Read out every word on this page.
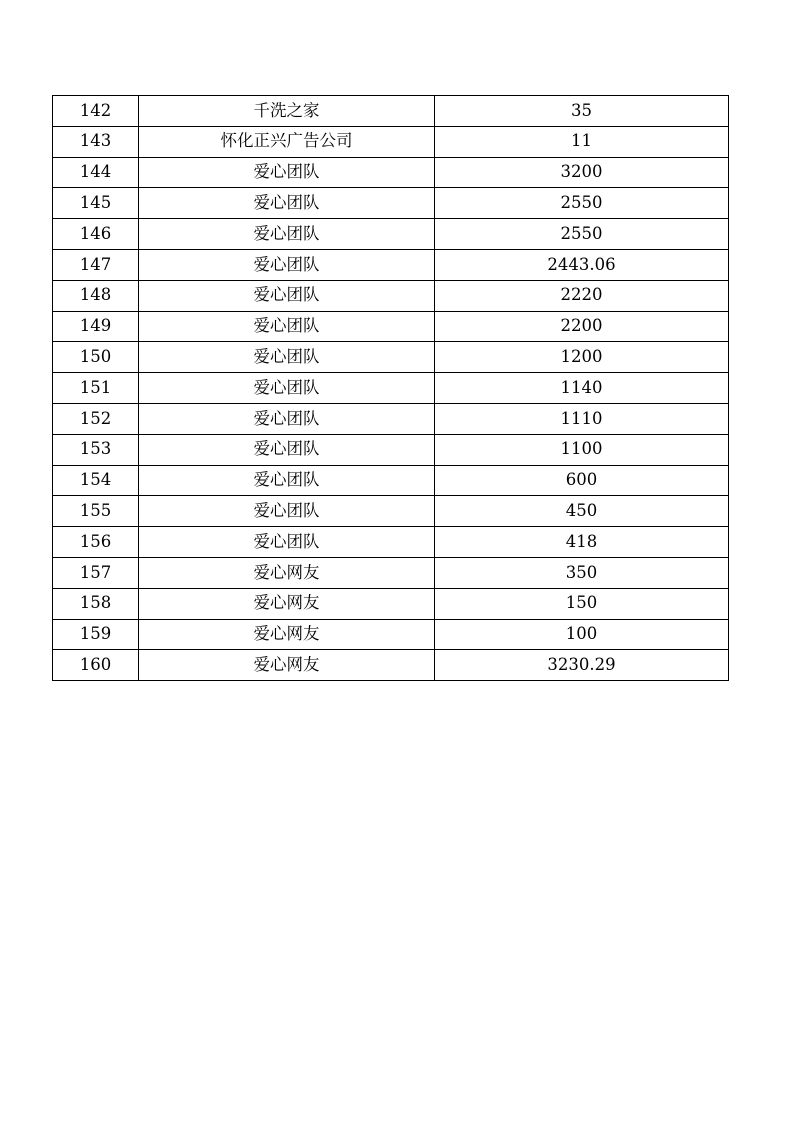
142	千洗之家	35
143	怀化正兴广告公司	11
144	爱心团队	3200
145	爱心团队	2550
146	爱心团队	2550
147	爱心团队	2443.06
148	爱心团队	2220
149	爱心团队	2200
150	爱心团队	1200
151	爱心团队	1140
152	爱心团队	1110
153	爱心团队	1100
154	爱心团队	600
155	爱心团队	450
156	爱心团队	418
157	爱心网友	350
158	爱心网友	150
159	爱心网友	100
160	爱心网友	3230.29
